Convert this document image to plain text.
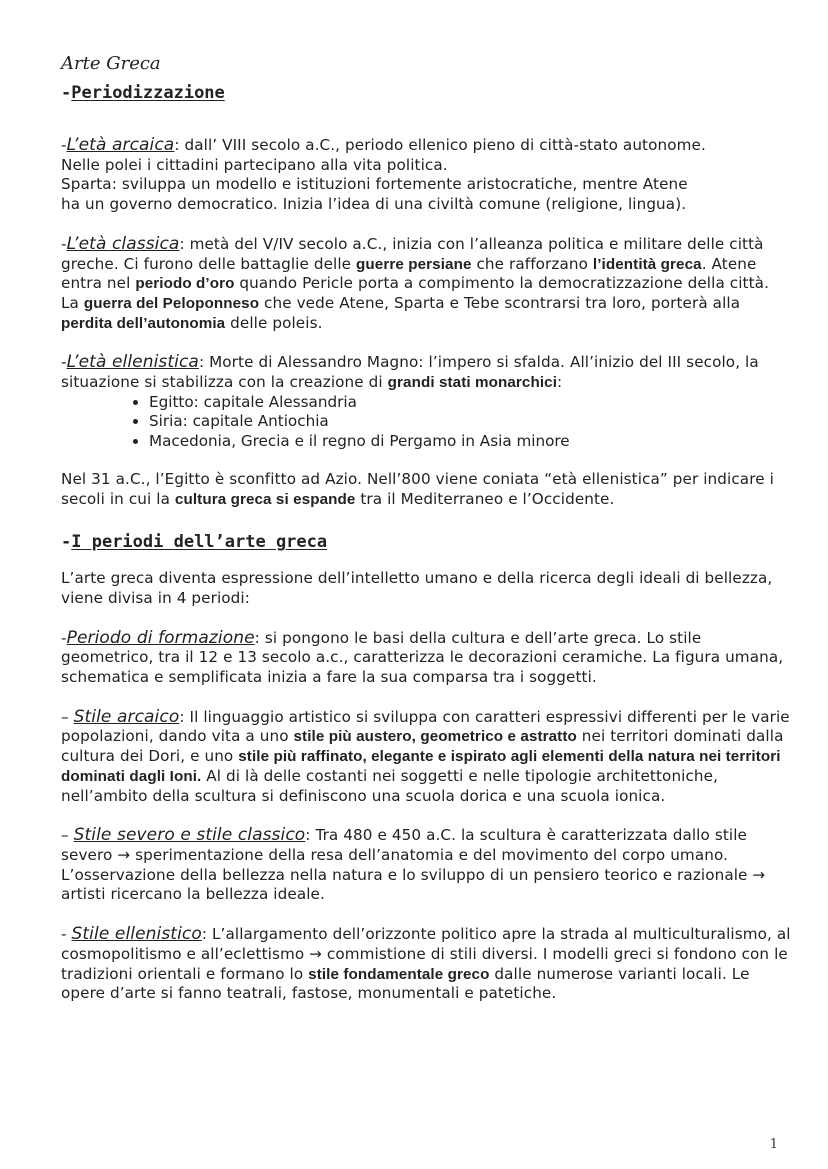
Arte Greca
-Periodizzazione

-L’età arcaica: dall’ VIII secolo a.C., periodo ellenico pieno di città-stato autonome.
Nelle polei i cittadini partecipano alla vita politica.
Sparta: sviluppa un modello e istituzioni fortemente aristocratiche, mentre Atene
ha un governo democratico. Inizia l’idea di una civiltà comune (religione, lingua).

-L’età classica: metà del V/IV secolo a.C., inizia con l’alleanza politica e militare delle città greche. Ci furono delle battaglie delle guerre persiane che rafforzano l’identità greca. Atene entra nel periodo d’oro quando Pericle porta a compimento la democratizzazione della città. La guerra del Peloponneso che vede Atene, Sparta e Tebe scontrarsi tra loro, porterà alla perdita dell’autonomia delle poleis.

-L’età ellenistica: Morte di Alessandro Magno: l’impero si sfalda. All’inizio del III secolo, la situazione si stabilizza con la creazione di grandi stati monarchici:

• Egitto: capitale Alessandria
• Siria: capitale Antiochia
• Macedonia, Grecia e il regno di Pergamo in Asia minore

Nel 31 a.C., l’Egitto è sconfitto ad Azio. Nell’800 viene coniata “età ellenistica” per indicare i secoli in cui la cultura greca si espande tra il Mediterraneo e l’Occidente.

-I periodi dell’arte greca

L’arte greca diventa espressione dell’intelletto umano e della ricerca degli ideali di bellezza, viene divisa in 4 periodi:

-Periodo di formazione: si pongono le basi della cultura e dell’arte greca. Lo stile geometrico, tra il 12 e 13 secolo a.c., caratterizza le decorazioni ceramiche. La figura umana, schematica e semplificata inizia a fare la sua comparsa tra i soggetti.

– Stile arcaico: Il linguaggio artistico si sviluppa con caratteri espressivi differenti per le varie popolazioni, dando vita a uno stile più austero, geometrico e astratto nei territori dominati dalla cultura dei Dori, e uno stile più raffinato, elegante e ispirato agli elementi della natura nei territori dominati dagli Ioni. Al di là delle costanti nei soggetti e nelle tipologie architettoniche, nell’ambito della scultura si definiscono una scuola dorica e una scuola ionica.

– Stile severo e stile classico: Tra 480 e 450 a.C. la scultura è caratterizzata dallo stile severo → sperimentazione della resa dell’anatomia e del movimento del corpo umano. L’osservazione della bellezza nella natura e lo sviluppo di un pensiero teorico e razionale → artisti ricercano la bellezza ideale.

- Stile ellenistico: L’allargamento dell’orizzonte politico apre la strada al multiculturalismo, al cosmopolitismo e all’eclettismo → commistione di stili diversi. I modelli greci si fondono con le tradizioni orientali e formano lo stile fondamentale greco dalle numerose varianti locali. Le opere d’arte si fanno teatrali, fastose, monumentali e patetiche.

1
